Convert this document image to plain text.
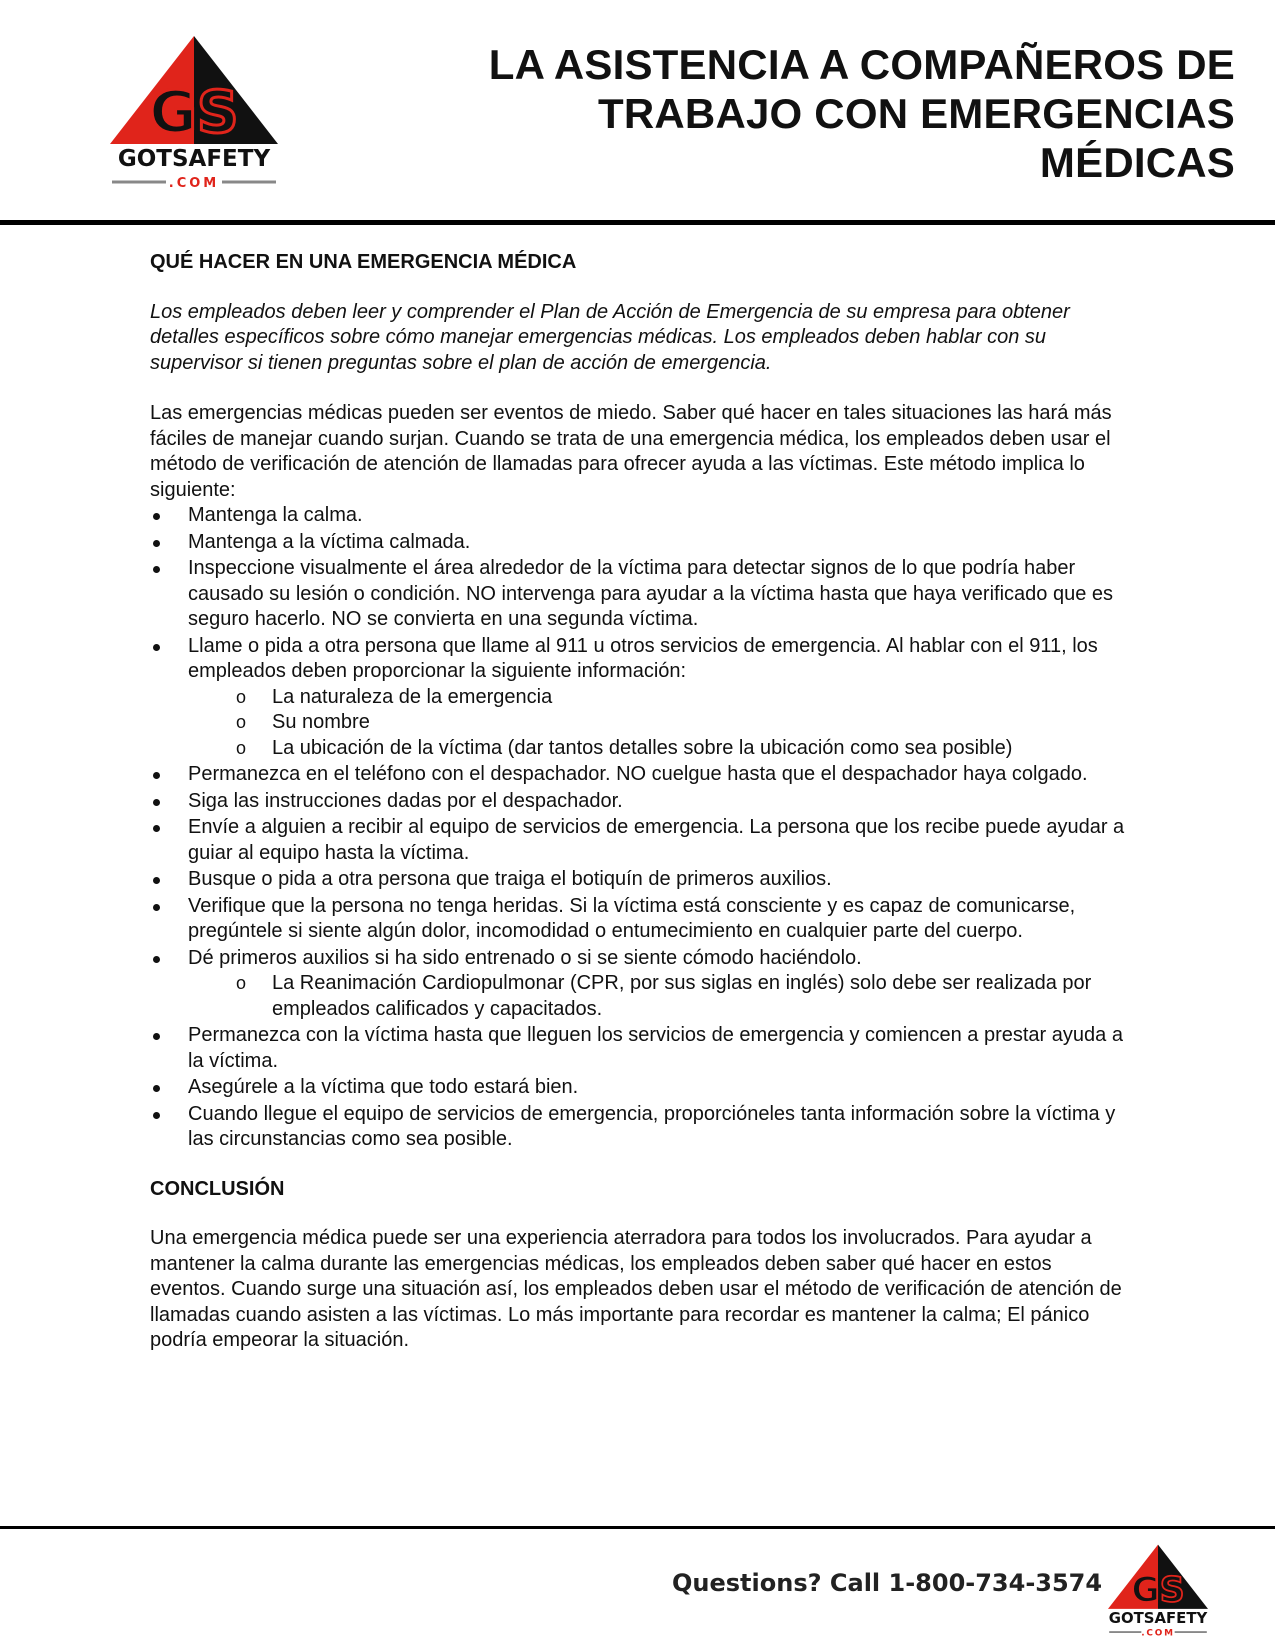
GS
GOTSAFETY
.COM
LA ASISTENCIA A COMPAÑEROS DE
TRABAJO CON EMERGENCIAS
MÉDICAS

QUÉ HACER EN UNA EMERGENCIA MÉDICA

Los empleados deben leer y comprender el Plan de Acción de Emergencia de su empresa para obtener detalles específicos sobre cómo manejar emergencias médicas. Los empleados deben hablar con su supervisor si tienen preguntas sobre el plan de acción de emergencia.

Las emergencias médicas pueden ser eventos de miedo. Saber qué hacer en tales situaciones las hará más fáciles de manejar cuando surjan. Cuando se trata de una emergencia médica, los empleados deben usar el método de verificación de atención de llamadas para ofrecer ayuda a las víctimas. Este método implica lo siguiente:

Mantenga la calma.
Mantenga a la víctima calmada.
Inspeccione visualmente el área alrededor de la víctima para detectar signos de lo que podría haber causado su lesión o condición. NO intervenga para ayudar a la víctima hasta que haya verificado que es seguro hacerlo. NO se convierta en una segunda víctima.
Llame o pida a otra persona que llame al 911 u otros servicios de emergencia. Al hablar con el 911, los empleados deben proporcionar la siguiente información:
o La naturaleza de la emergencia
o Su nombre
o La ubicación de la víctima (dar tantos detalles sobre la ubicación como sea posible)
Permanezca en el teléfono con el despachador. NO cuelgue hasta que el despachador haya colgado.
Siga las instrucciones dadas por el despachador.
Envíe a alguien a recibir al equipo de servicios de emergencia. La persona que los recibe puede ayudar a guiar al equipo hasta la víctima.
Busque o pida a otra persona que traiga el botiquín de primeros auxilios.
Verifique que la persona no tenga heridas. Si la víctima está consciente y es capaz de comunicarse, pregúntele si siente algún dolor, incomodidad o entumecimiento en cualquier parte del cuerpo.
Dé primeros auxilios si ha sido entrenado o si se siente cómodo haciéndolo.
o La Reanimación Cardiopulmonar (CPR, por sus siglas en inglés) solo debe ser realizada por empleados calificados y capacitados.
Permanezca con la víctima hasta que lleguen los servicios de emergencia y comiencen a prestar ayuda a la víctima.
Asegúrele a la víctima que todo estará bien.
Cuando llegue el equipo de servicios de emergencia, proporcióneles tanta información sobre la víctima y las circunstancias como sea posible.

CONCLUSIÓN

Una emergencia médica puede ser una experiencia aterradora para todos los involucrados. Para ayudar a mantener la calma durante las emergencias médicas, los empleados deben saber qué hacer en estos eventos. Cuando surge una situación así, los empleados deben usar el método de verificación de atención de llamadas cuando asisten a las víctimas. Lo más importante para recordar es mantener la calma; El pánico podría empeorar la situación.

Questions? Call 1-800-734-3574 GS
GOTSAFETY
.COM
